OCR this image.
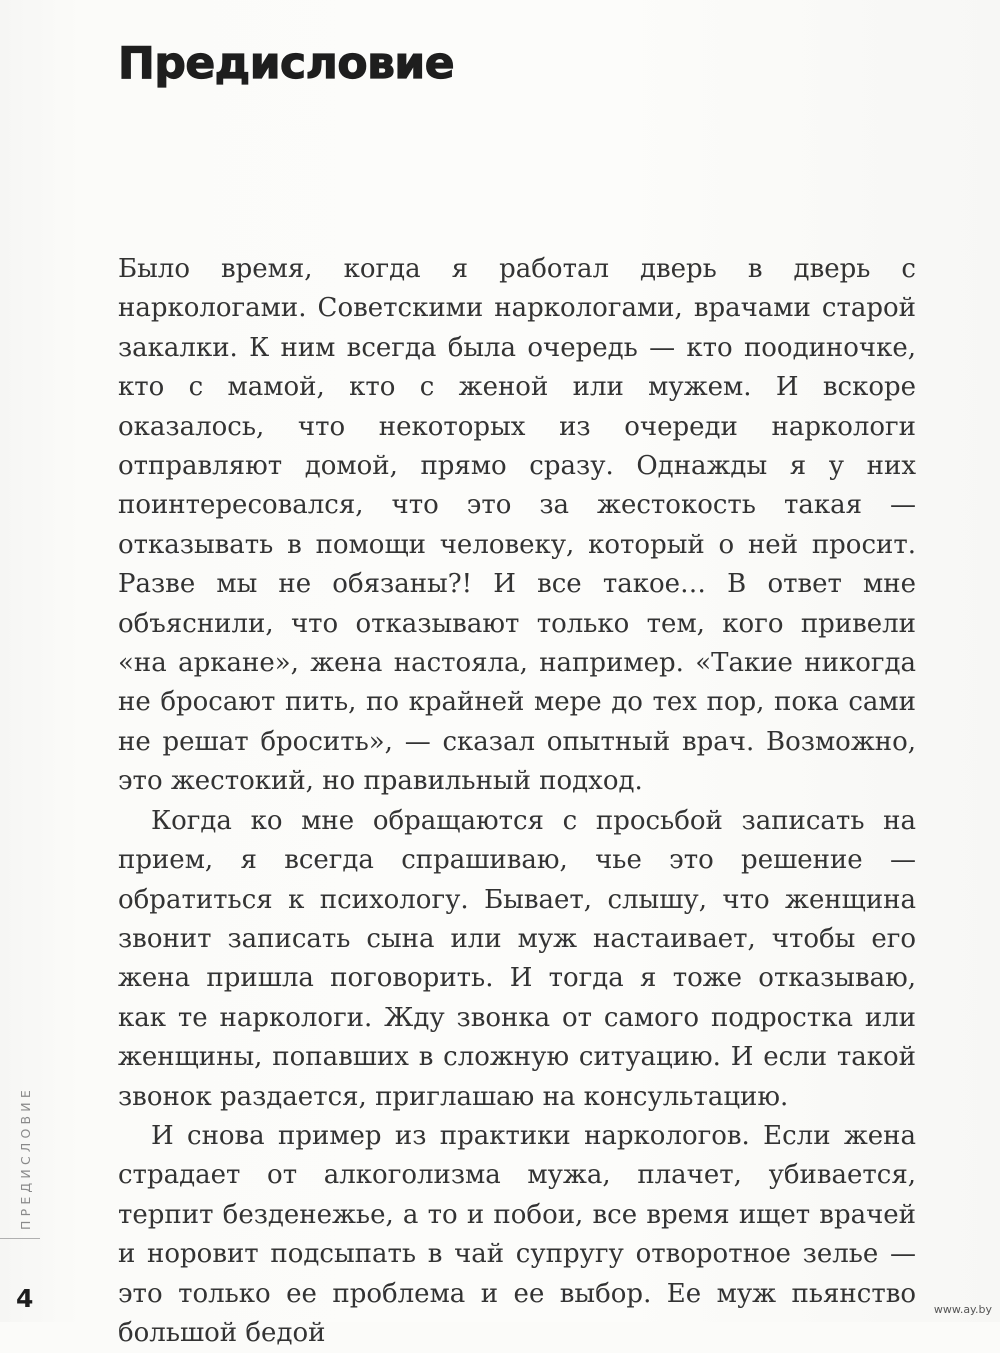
Предисловие

Было время, когда я работал дверь в дверь с наркологами. Советскими наркологами, врачами старой закалки. К ним всегда была очередь — кто поодиночке, кто с мамой, кто с женой или мужем. И вскоре оказалось, что некоторых из очереди наркологи отправляют домой, прямо сразу. Однажды я у них поинтересовался, что это за жестокость такая — отказывать в помощи человеку, который о ней просит. Разве мы не обязаны?! И все такое… В ответ мне объяснили, что отказывают только тем, кого привели «на аркане», жена настояла, например. «Такие никогда не бросают пить, по крайней мере до тех пор, пока сами не решат бросить», — сказал опытный врач. Возможно, это жестокий, но правильный подход.

Когда ко мне обращаются с просьбой записать на прием, я всегда спрашиваю, чье это решение — обратиться к психологу. Бывает, слышу, что женщина звонит записать сына или муж настаивает, чтобы его жена пришла поговорить. И тогда я тоже отказываю, как те наркологи. Жду звонка от самого подростка или женщины, попавших в сложную ситуацию. И если такой звонок раздается, приглашаю на консультацию.

И снова пример из практики наркологов. Если жена страдает от алкоголизма мужа, плачет, убивается, терпит безденежье, а то и побои, все время ищет врачей и норовит подсыпать в чай супругу отворотное зелье — это только ее проблема и ее выбор. Ее муж пьянство большой бедой

ПРЕДИСЛОВИЕ
4	www.ay.by
